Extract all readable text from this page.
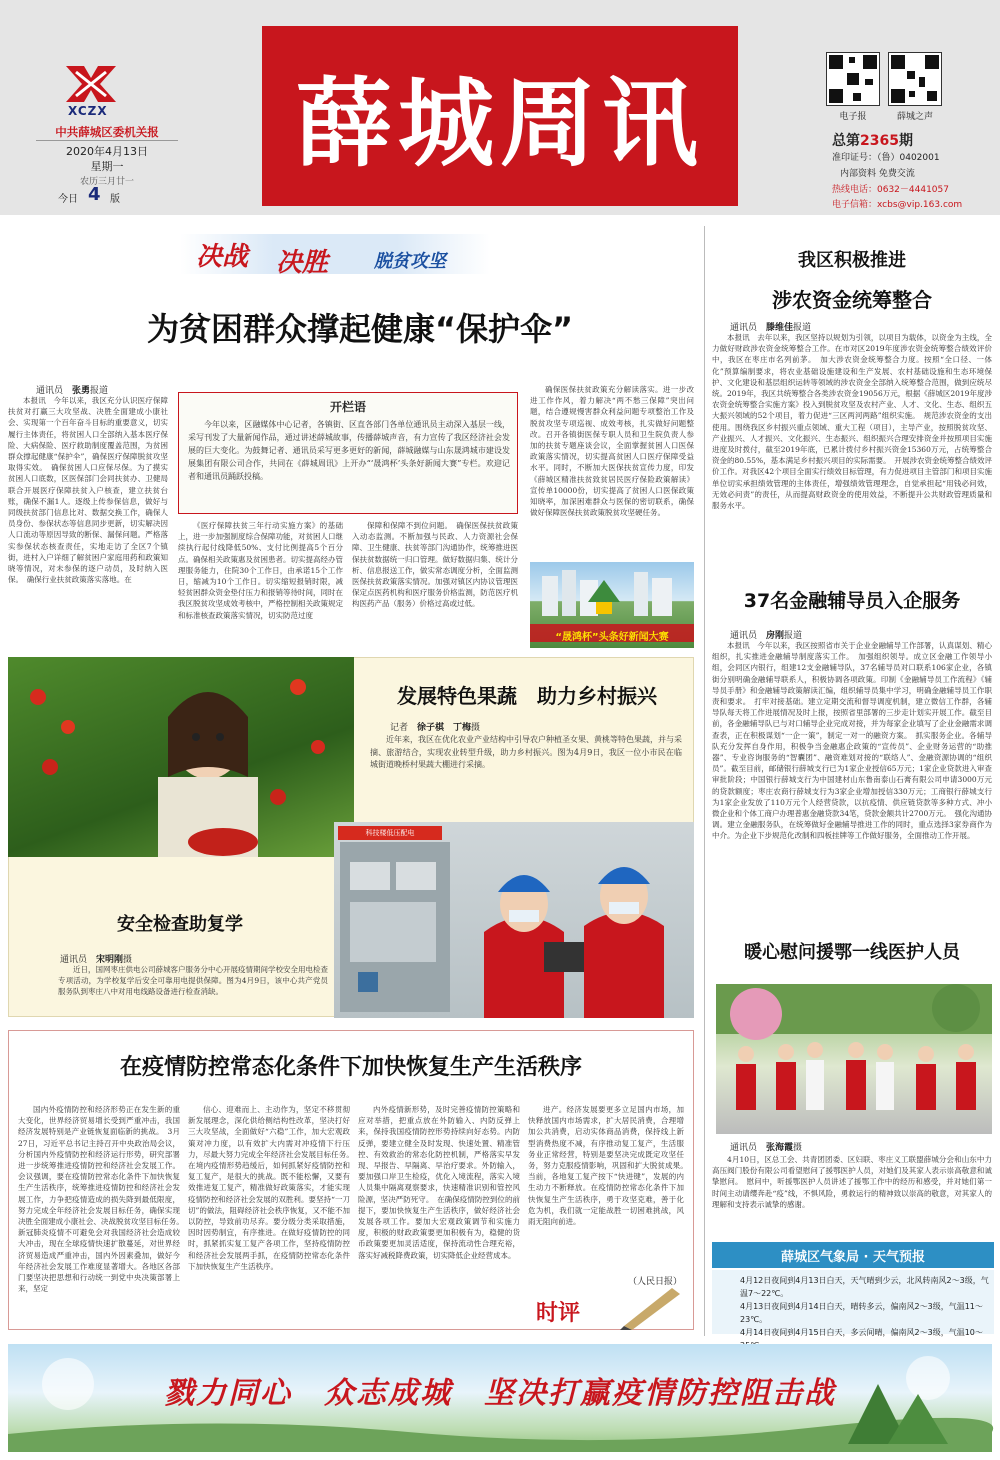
XCZX
中共薛城区委机关报
2020年4月13日
星期一
农历三月廿一
今日 4 版
薛城周讯	电子报	薛城之声
总第2365期
准印证号：（鲁）0402001
内部资料 免费交流
热线电话：0632－4441057
电子信箱：xcbs@vip.163.com
决战 决胜	脱贫攻坚
为贫困群众撑起健康“保护伞”
通讯员　 张勇报道

本报讯　今年以来，我区充分认识医疗保障扶贫对打赢三大攻坚战、决胜全面建成小康社会、实现第一个百年奋斗目标的重要意义，切实履行主体责任，将贫困人口全部纳入基本医疗保险、大病保险、医疗救助制度覆盖范围，为贫困群众撑起健康“保护伞”，确保医疗保障脱贫攻坚取得实效。　确保贫困人口应保尽保。为了摸实贫困人口底数，区医保部门会同扶贫办、卫健局联合开展医疗保障扶贫入户核查，建立扶贫台账，确保不漏1人。逐级上传参保信息，做好与同级扶贫部门信息比对、数据交换工作，确保人员身份、参保状态等信息同步更新，切实解决因人口流动等原因导致的断保、漏保问题。严格落实参保状态核查责任，实地走访了全区7个镇街，进村入户详细了解贫困户家庭用药和政策知晓等情况，对未参保的逐户动员，及时纳入医保。　确保行业扶贫政策落实落地。在

开栏语

今年以来，区融媒体中心记者，各镇街、区直各部门各单位通讯员主动深入基层一线，采写刊发了大量新闻作品，通过讲述薛城故事，传播薛城声音，有力宣传了我区经济社会发展的巨大变化。为鼓舞记者、通讯员采写更多更好的新闻，薛城融媒与山东晟鸿城市建设发展集团有限公司合作，共同在《薛城周讯》上开办“‘晟鸿杯’头条好新闻大赛”专栏。欢迎记者和通讯员踊跃投稿。

《医疗保障扶贫三年行动实施方案》的基础上，进一步加强制度综合保障功能，对贫困人口继续执行起付线降低50%、支付比例提高5个百分点。确保相关政策惠及贫困患者。切实提高经办管理服务能力，住院30个工作日，由承诺15个工作日，缩减为10个工作日。切实缩短报销时限，减轻贫困群众资金垫付压力和报销等待时间，同时在我区脱贫攻坚成效考核中，严格控制相关政策规定和标准核查政策落实情况，切实防范过度

保障和保障不到位问题。　确保医保扶贫政策入动态监测。不断加强与民政、人力资源社会保障、卫生健康、扶贫等部门沟通协作，统筹推进医保扶贫数据统一归口管理。做好数据归集、统计分析、信息报送工作，做实常态调度分析，全面监测医保扶贫政策落实情况。加强对镇区内协议管理医保定点医药机构和医疗服务价格监测，防范医疗机构医药产品（服务）价格过高或过低。

确保医保扶贫政策充分解读落实。进一步改进工作作风，着力解决“两不愁三保障”突出问题，结合遵规慢害群众利益问题专项整治工作及脱贫攻坚专项巡视、成效考核，扎实做好问题整改。召开各镇街医保专职人员和卫生院负责人参加的扶贫专题座谈会议，全面掌握贫困人口医保政策落实情况，切实提高贫困人口医疗保障受益水平。同时，不断加大医保扶贫宣传力度，印发《薛城区精准扶贫致贫居民医疗保险政策解读》宣传单10000份，切实提高了贫困人口医保政策知晓率，加深困难群众与医保的密切联系，确保做好保障医保扶贫政策脱贫攻坚硬任务。

“晟鸿杯”头条好新闻大赛
发展特色果蔬　助力乡村振兴
记者　 徐子棋　丁梅摄

近年来，我区在优化农业产业结构中引导农户种植圣女果、黄桃等特色果蔬，并与采摘、旅游结合，实现农业转型升级，助力乡村振兴。图为4月9日，我区一位小市民在临城街道晚桥村果蔬大棚进行采摘。

科技楼低压配电
安全检查助复学
通讯员　 宋明刚摄

近日，国网枣庄供电公司薛城客户服务分中心开展疫情期间学校安全用电检查专项活动，为学校复学后安全可靠用电提供保障。图为4月9日，该中心共产党员服务队到枣庄八中对用电线路设备进行检查消缺。

在疫情防控常态化条件下加快恢复生产生活秩序

国内外疫情防控和经济形势正在发生新的重大变化，世界经济贸易增长受到严重冲击，我国经济发展特别是产业链恢复面临新的挑战。　3月27日，习近平总书记主持召开中央政治局会议，分析国内外疫情防控和经济运行形势，研究部署进一步统筹推进疫情防控和经济社会发展工作。会议强调，要在疫情防控常态化条件下加快恢复生产生活秩序，统筹推进疫情防控和经济社会发展工作，力争把疫情造成的损失降到最低限度，努力完成全年经济社会发展目标任务，确保实现决胜全面建成小康社会、决战脱贫攻坚目标任务。　新冠肺炎疫情不可避免会对我国经济社会造成较大冲击，现在全球疫情快速扩散蔓延，对世界经济贸易造成严重冲击，国内外因素叠加，做好今年经济社会发展工作难度显著增大。各地区各部门要坚决把思想和行动统一到党中央决策部署上来，坚定

信心、迎难而上、主动作为，坚定不移贯彻新发展理念，深化供给侧结构性改革，坚决打好三大攻坚战，全面做好“六稳”工作，加大宏观政策对冲力度，以有效扩大内需对冲疫情下行压力，尽最大努力完成全年经济社会发展目标任务。　在境内疫情形势趋缓后，如何抓紧好疫情防控和复工复产，是很大的挑战。既不能松懈，又要有效推进复工复产，精准做好政策落实，才能实现疫情防控和经济社会发展的双胜利。要坚持“一刀切”的做法，阻碍经济社会秩序恢复，又不能不加以防控，导致前功尽弃。要分级分类采取措施，因时因势制宜，有序推进。在做好疫情防控的同时，抓紧抓实复工复产各项工作，坚持疫情防控和经济社会发展两手抓，在疫情防控常态化条件下加快恢复生产生活秩序。

内外疫情新形势，及时完善疫情防控策略和应对举措，把重点放在外防输入、内防反弹上来，保持我国疫情防控形势持续向好态势。内防反弹，要建立健全及时发现、快速处置、精准管控、有效救治的常态化防控机制，严格落实早发现、早报告、早隔离、早治疗要求。外防输入，要加强口岸卫生检疫，优化入境流程，落实入境人员集中隔离观察要求，快速精准识别和管控风险源，坚决严防死守。　在确保疫情防控到位的前提下，要加快恢复生产生活秩序，做好经济社会发展各项工作。要加大宏观政策调节和实施力度，积极的财政政策要更加积极有为，稳健的货币政策要更加灵活适度，保持流动性合理充裕，落实好减税降费政策，切实降低企业经营成本。

进产。经济发展要更多立足国内市场，加快释放国内市场需求，扩大居民消费，合理增加公共消费，启动实体商品消费，保持线上新型消费热度不减，有序推动复工复产，生活服务业正常经营，特别是要坚决完成既定攻坚任务，努力克服疫情影响，巩固和扩大脱贫成果。　当前，各地复工复产按下“快进键”，发展的内生动力不断释放。在疫情防控常态化条件下加快恢复生产生活秩序，勇于攻坚克难，善于化危为机，我们就一定能战胜一切困难挑战，风雨无阻向前进。

（人民日报）
时评
我区积极推进
涉农资金统筹整合
通讯员　 滕维佳报道

本报讯　去年以来，我区坚持以规划为引领，以项目为载体，以资金为主线，全力做好财政涉农资金统筹整合工作。在市对区2019年度涉农资金统筹整合绩效评价中，我区在枣庄市名列前茅。　加大涉农资金统筹整合力度。按照“全口径、一体化”预算编制要求，将农业基础设施建设和生产发展、农村基础设施和生态环境保护、文化建设和基层组织运转等领域的涉农资金全部纳入统筹整合范围，做到应统尽统。2019年，我区共统筹整合各类涉农资金19056万元，根据《薛城区2019年度涉农资金统筹整合实施方案》投入到脱贫攻坚及农村产业、人才、文化、生态、组织五大振兴领域的52个项目，着力促进“三区两河两路”组织实施。　规范涉农资金的支出使用。围绕我区乡村振兴重点领域、重大工程（项目），主导产业，按照脱贫攻坚、产业振兴、人才振兴、文化振兴、生态振兴、组织振兴合理安排资金并按照项目实施进度及时拨付，截至2019年底，已累计拨付乡村振兴资金15360万元，占统筹整合资金的80.55%，基本满足乡村振兴项目的实际需要。　开展涉农资金统筹整合绩效评价工作。对我区42个项目全面实行绩效目标管理，有力促进项目主管部门和项目实施单位切实承担绩效管理的主体责任，增强绩效管理理念，自觉承担起“用钱必问效，无效必问责”的责任，从而提高财政资金的使用效益，不断提升公共财政管理质量和服务水平。

37名金融辅导员入企服务
通讯员　 房刚报道

本报讯　今年以来，我区按照省市关于企业金融辅导工作部署，认真谋划、精心组织，扎实推进金融辅导制度落实工作。　加强组织领导。成立区金融工作领导小组，会同区内银行，组建12支金融辅导队，37名辅导员对口联系106家企业，各镇街分别明确金融辅导联系人，积极协调各项政策。印制《金融辅导员工作流程》《辅导员手册》和金融辅导政策解读汇编，组织辅导员集中学习，明确金融辅导员工作职责和要求。　打牢对接基础。建立定期交流和督导调度机制，建立微信工作群，各辅导队每天将工作进展情况及时上报，按照省里部署的三步走计划实开展工作。截至目前，各金融辅导队已与对口辅导企业完成对接，并为每家企业填写了企业金融需求调查表，正在积极谋划“一企一策”，制定一对一的融资方案。　抓实服务企业。各辅导队充分发挥自身作用，积极争当金融惠企政策的“宣传员”、企业财务运营的“助推器”、专业咨询服务的“智囊团”、融资难划对接的“联络人”、金融资源协调的“组织员”。截至目前，邮储银行薛城支行已为1家企业授信65万元；1家企业贷款进入审查审批阶段；中国银行薛城支行为中国建材山东鲁南泰山石膏有限公司申请3000万元的贷款额度；枣庄农商行薛城支行为3家企业增加授信330万元；工商银行薛城支行为1家企业发放了110万元个人经营贷款，以抗疫情、供应链贷款等多种方式、冲小微企业和个体工商户办理普惠金融贷款34笔，贷款金额共计2700万元。　强化沟通协调。建立金融服务队，在统筹做好金融辅导推进工作的同时，重点选择3家券商作为中介。为企业下步规范化改制和四板挂牌等工作做好服务，全面推动工作开展。

暖心慰问援鄂一线医护人员
通讯员　 张海霞摄

4月10日，区总工会、共青团团委、区妇联、枣庄义工联盟薛城分会和山东中力高压阀门股份有限公司看望慰问了援鄂医护人员，对她们及其家人表示崇高敬意和诚挚慰问。　慰问中，听援鄂医护人员讲述了援鄂工作中的经历和感受，并对她们第一时间主动请缨奔赴“疫”线，不惧风险，勇救运行的精神致以崇高的敬意，对其家人的理解和支持表示诚挚的感谢。

薛城区气象局 · 天气预报
4月12日夜间到4月13日白天，天气晴到少云，北风转南风2～3级，气温7～22℃。
4月13日夜间到4月14日白天，晴转多云，偏南风2～3级，气温11～23℃。
4月14日夜间到4月15日白天，多云间晴，偏南风2～3级，气温10～
戮力同心　众志成城　坚决打赢疫情防控阻击战
